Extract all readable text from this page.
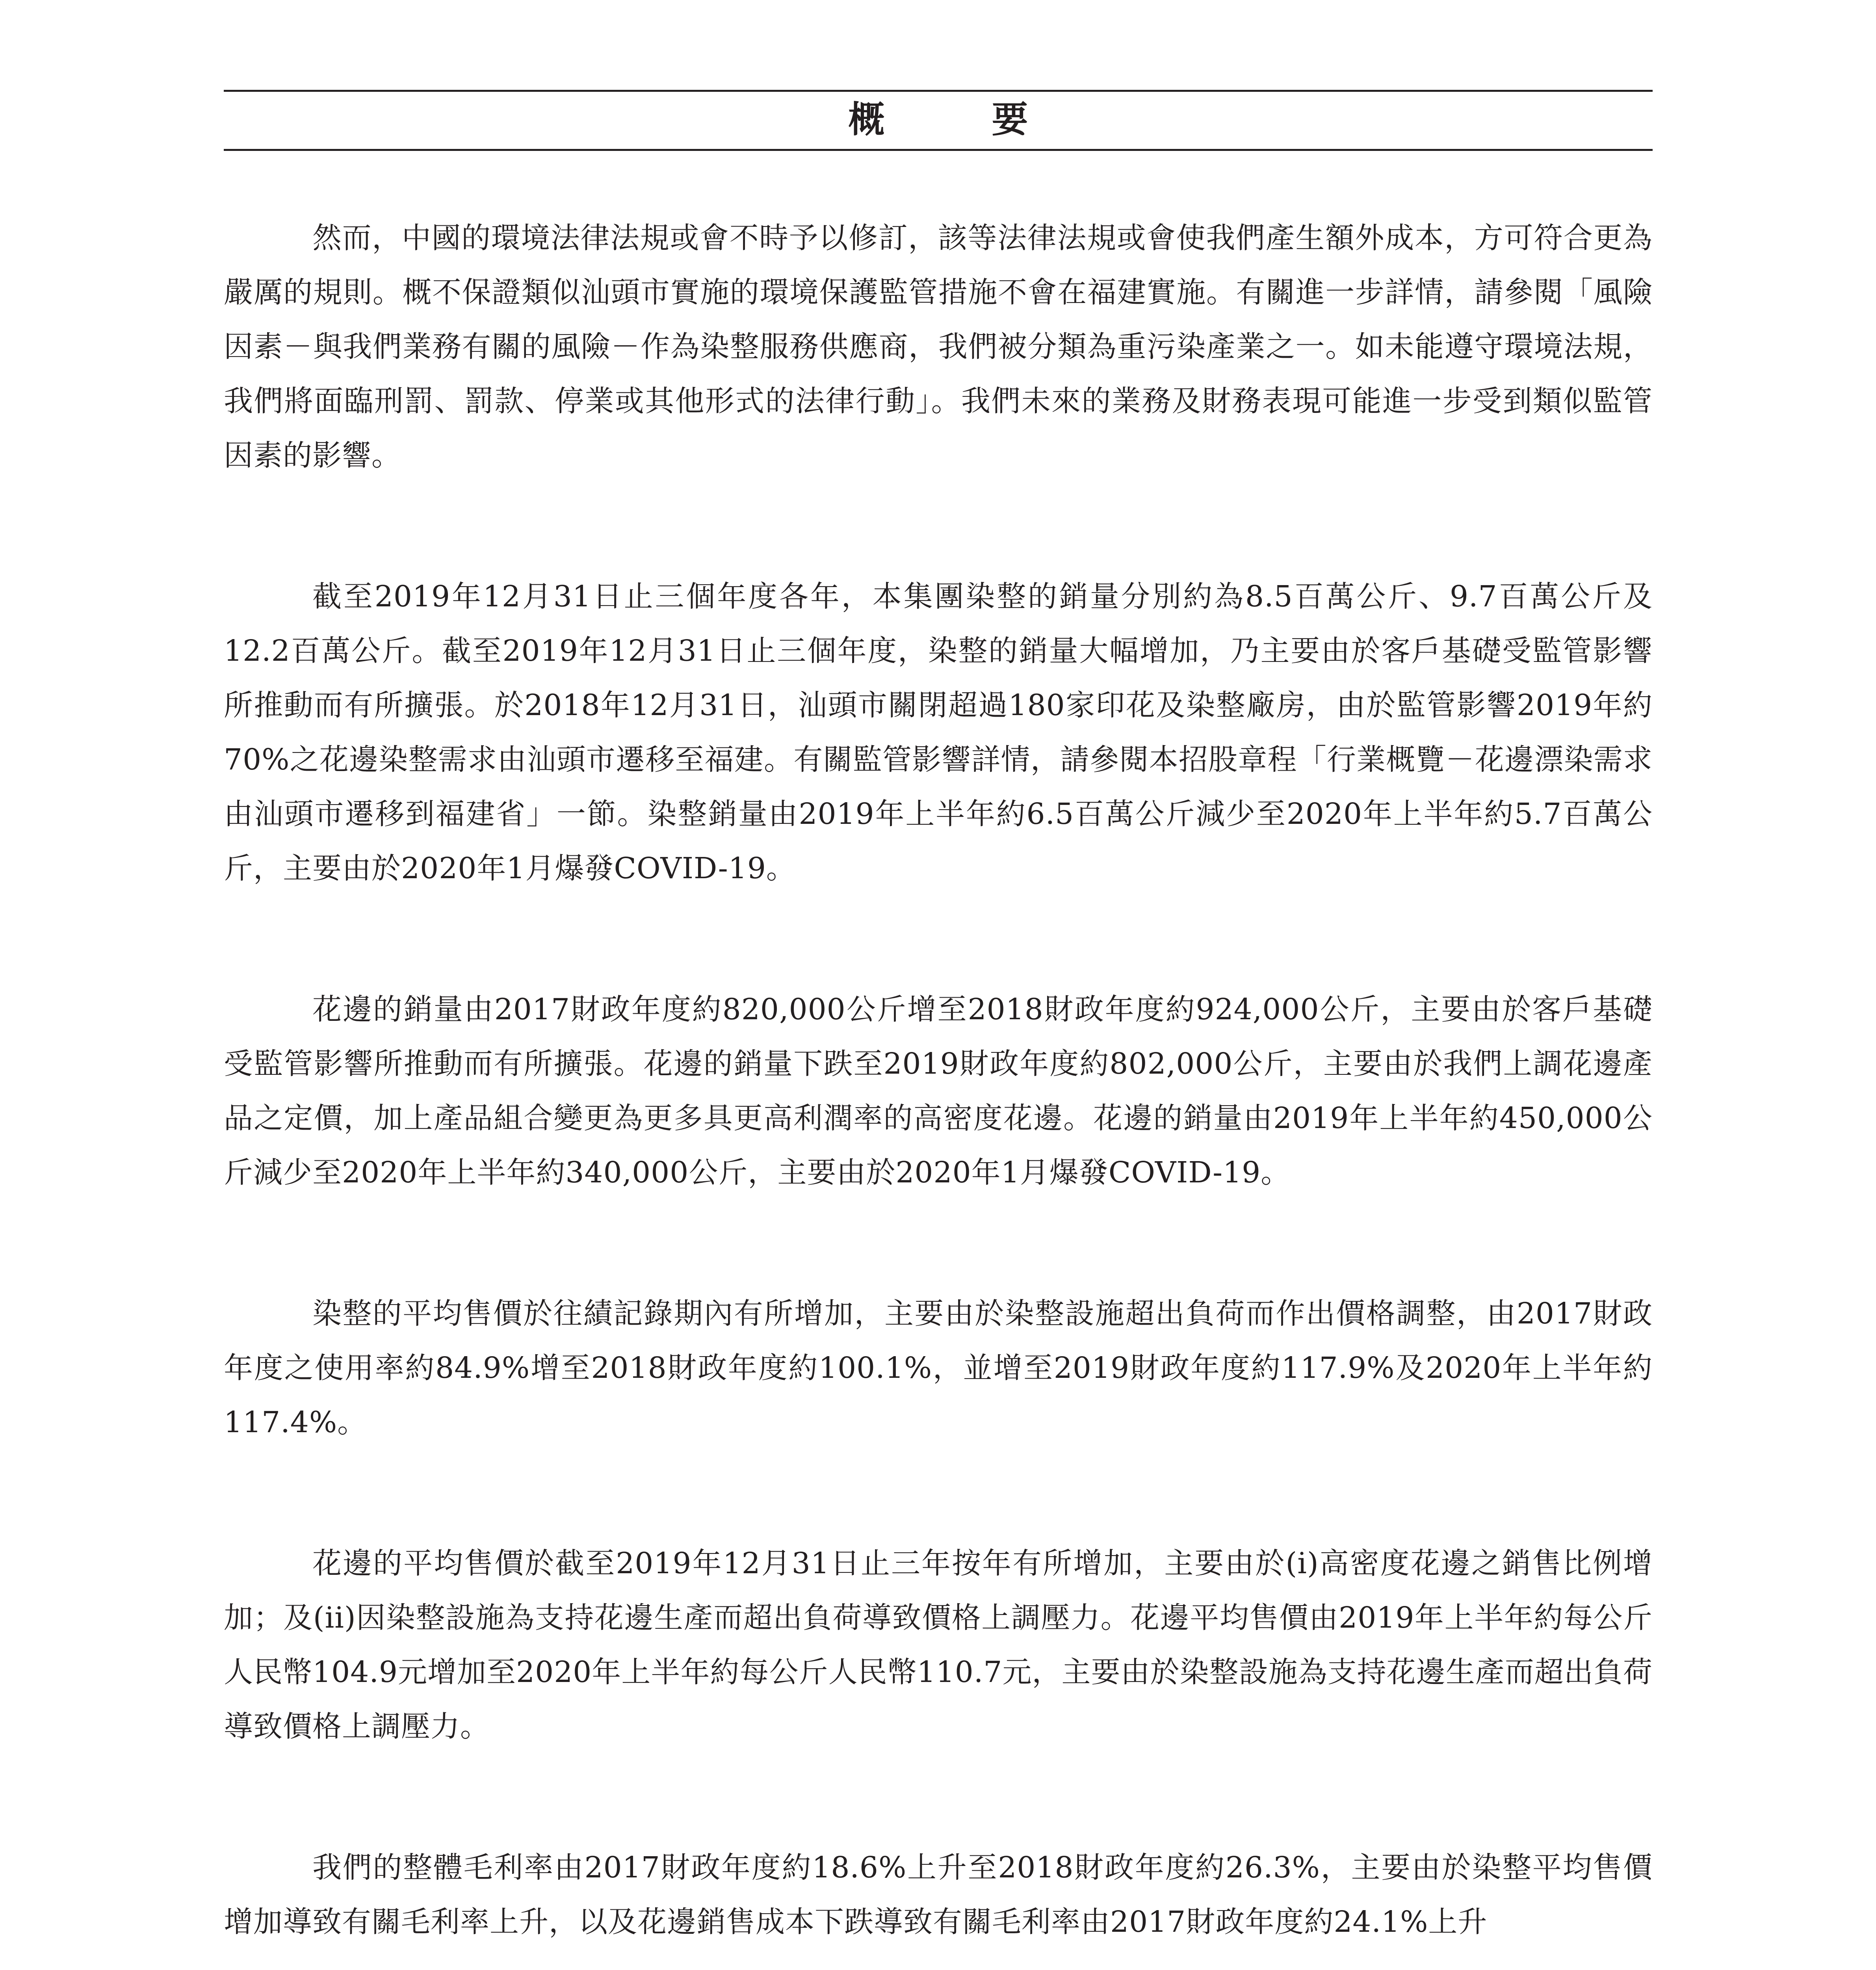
概 要

然而，中國的環境法律法規或會不時予以修訂，該等法律法規或會使我們產生額外成本，方可符合更為嚴厲的規則。概不保證類似汕頭市實施的環境保護監管措施不會在福建實施。有關進一步詳情，請參閱「風險因素－與我們業務有關的風險－作為染整服務供應商，我們被分類為重污染產業之一。如未能遵守環境法規，我們將面臨刑罰、罰款、停業或其他形式的法律行動」。我們未來的業務及財務表現可能進一步受到類似監管因素的影響。

截至2019年12月31日止三個年度各年，本集團染整的銷量分別約為8.5百萬公斤、9.7百萬公斤及12.2百萬公斤。截至2019年12月31日止三個年度，染整的銷量大幅增加，乃主要由於客戶基礎受監管影響所推動而有所擴張。於2018年12月31日，汕頭市關閉超過180家印花及染整廠房，由於監管影響2019年約70%之花邊染整需求由汕頭市遷移至福建。有關監管影響詳情，請參閱本招股章程「行業概覽－花邊漂染需求由汕頭市遷移到福建省」一節。染整銷量由2019年上半年約6.5百萬公斤減少至2020年上半年約5.7百萬公斤，主要由於2020年1月爆發COVID-19。

花邊的銷量由2017財政年度約820,000公斤增至2018財政年度約924,000公斤，主要由於客戶基礎受監管影響所推動而有所擴張。花邊的銷量下跌至2019財政年度約802,000公斤，主要由於我們上調花邊產品之定價，加上產品組合變更為更多具更高利潤率的高密度花邊。花邊的銷量由2019年上半年約450,000公斤減少至2020年上半年約340,000公斤，主要由於2020年1月爆發COVID-19。

染整的平均售價於往績記錄期內有所增加，主要由於染整設施超出負荷而作出價格調整，由2017財政年度之使用率約84.9%增至2018財政年度約100.1%，並增至2019財政年度約117.9%及2020年上半年約117.4%。

花邊的平均售價於截至2019年12月31日止三年按年有所增加，主要由於(i)高密度花邊之銷售比例增加；及(ii)因染整設施為支持花邊生產而超出負荷導致價格上調壓力。花邊平均售價由2019年上半年約每公斤人民幣104.9元增加至2020年上半年約每公斤人民幣110.7元，主要由於染整設施為支持花邊生產而超出負荷導致價格上調壓力。

我們的整體毛利率由2017財政年度約18.6%上升至2018財政年度約26.3%，主要由於染整平均售價增加導致有關毛利率上升，以及花邊銷售成本下跌導致有關毛利率由2017財政年度約24.1%上升
